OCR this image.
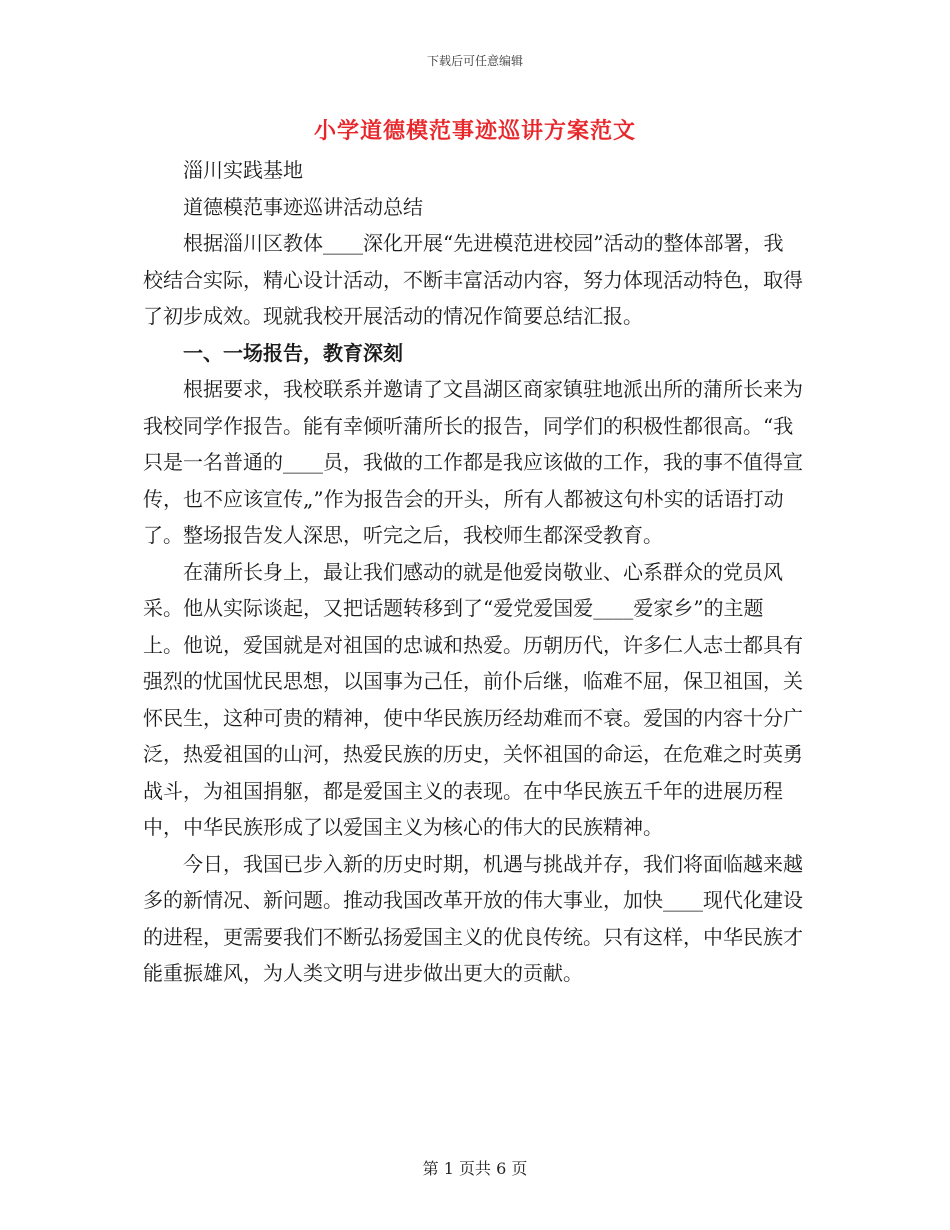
下载后可任意编辑
小学道德模范事迹巡讲方案范文

淄川实践基地

道德模范事迹巡讲活动总结

根据淄川区教体____深化开展“先进模范进校园”活动的整体部署，我校结合实际，精心设计活动，不断丰富活动内容，努力体现活动特色，取得了初步成效。现就我校开展活动的情况作简要总结汇报。

一、一场报告，教育深刻

根据要求，我校联系并邀请了文昌湖区商家镇驻地派出所的蒲所长来为我校同学作报告。能有幸倾听蒲所长的报告，同学们的积极性都很高。“我只是一名普通的____员，我做的工作都是我应该做的工作，我的事不值得宣传，也不应该宣传„”作为报告会的开头，所有人都被这句朴实的话语打动了。整场报告发人深思，听完之后，我校师生都深受教育。

在蒲所长身上，最让我们感动的就是他爱岗敬业、心系群众的党员风采。他从实际谈起，又把话题转移到了“爱党爱国爱____爱家乡”的主题上。他说，爱国就是对祖国的忠诚和热爱。历朝历代，许多仁人志士都具有强烈的忧国忧民思想，以国事为己任，前仆后继，临难不屈，保卫祖国，关怀民生，这种可贵的精神，使中华民族历经劫难而不衰。爱国的内容十分广泛，热爱祖国的山河，热爱民族的历史，关怀祖国的命运，在危难之时英勇战斗，为祖国捐躯，都是爱国主义的表现。在中华民族五千年的进展历程中，中华民族形成了以爱国主义为核心的伟大的民族精神。

今日，我国已步入新的历史时期，机遇与挑战并存，我们将面临越来越多的新情况、新问题。推动我国改革开放的伟大事业，加快____现代化建设的进程，更需要我们不断弘扬爱国主义的优良传统。只有这样，中华民族才能重振雄风，为人类文明与进步做出更大的贡献。

第 1 页共 6 页
